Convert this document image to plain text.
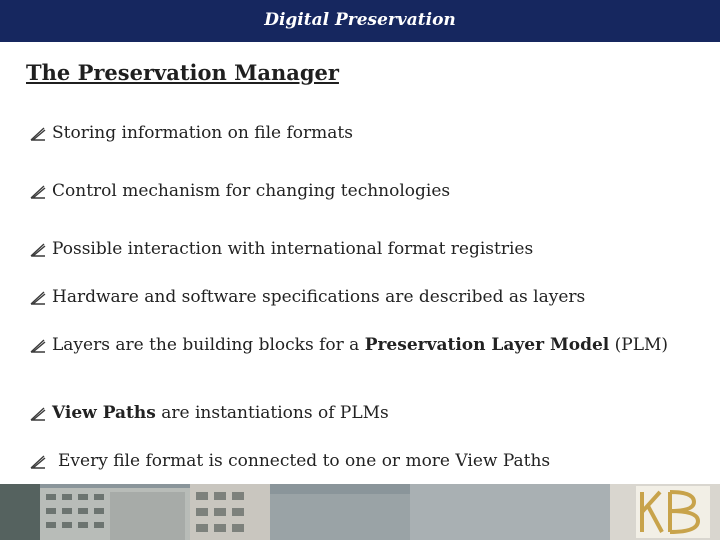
Digital Preservation
The Preservation Manager
Storing information on file formats
Control mechanism for changing technologies
Possible interaction with international format registries
Hardware and software specifications are described as layers
Layers are the building blocks for a Preservation Layer Model (PLM)
View Paths are instantiations of PLMs
Every file format is connected to one or more View Paths
